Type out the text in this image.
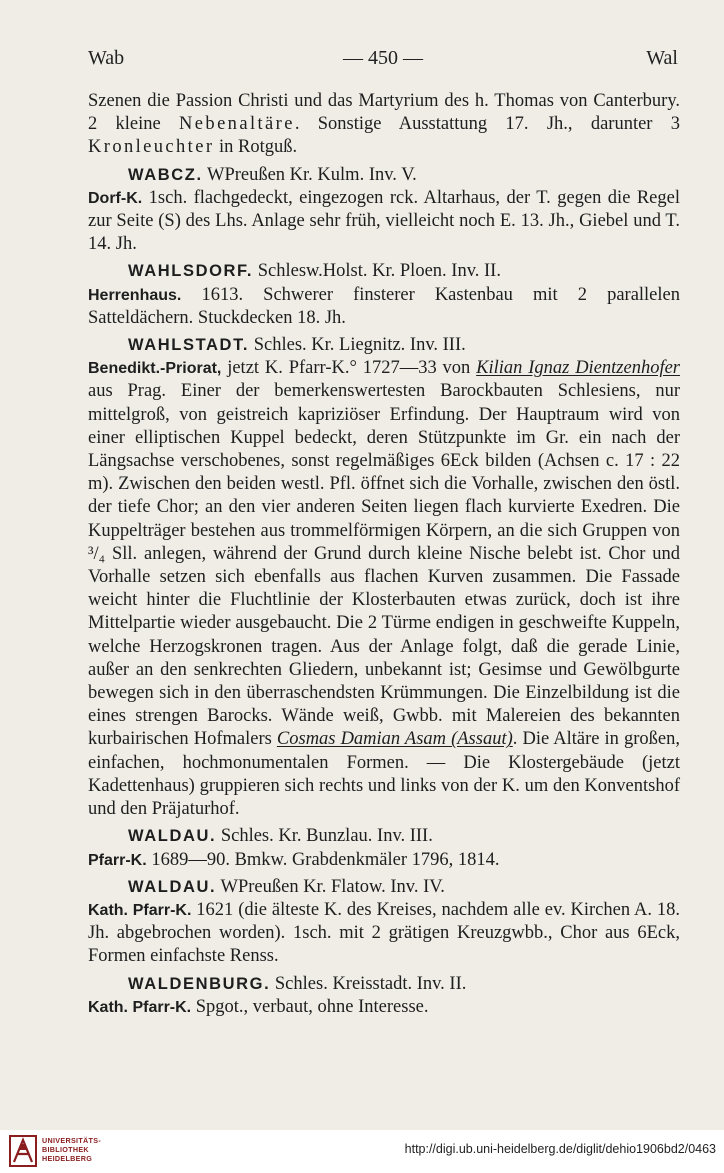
Wab	— 450 —	Wal

Szenen die Passion Christi und das Martyrium des h. Thomas von Canterbury. 2 kleine Nebenaltäre. Sonstige Ausstattung 17. Jh., darunter 3 Kronleuchter in Rotguß.

WABCZ. WPreußen Kr. Kulm. Inv. V.

Dorf-K. 1sch. flachgedeckt, eingezogen rck. Altarhaus, der T. gegen die Regel zur Seite (S) des Lhs. Anlage sehr früh, vielleicht noch E. 13. Jh., Giebel und T. 14. Jh.

WAHLSDORF. Schlesw.Holst. Kr. Ploen. Inv. II.

Herrenhaus. 1613. Schwerer finsterer Kastenbau mit 2 parallelen Satteldächern. Stuckdecken 18. Jh.

WAHLSTADT. Schles. Kr. Liegnitz. Inv. III.

Benedikt.-Priorat, jetzt K. Pfarr-K.° 1727—33 von Kilian Ignaz Dientzenhofer aus Prag. Einer der bemerkenswertesten Barockbauten Schlesiens, nur mittelgroß, von geistreich kapriziöser Erfindung. Der Hauptraum wird von einer elliptischen Kuppel bedeckt, deren Stützpunkte im Gr. ein nach der Längsachse verschobenes, sonst regelmäßiges 6Eck bilden (Achsen c. 17 : 22 m). Zwischen den beiden westl. Pfl. öffnet sich die Vorhalle, zwischen den östl. der tiefe Chor; an den vier anderen Seiten liegen flach kurvierte Exedren. Die Kuppelträger bestehen aus trommelförmigen Körpern, an die sich Gruppen von ³/₄ Sll. anlegen, während der Grund durch kleine Nische belebt ist. Chor und Vorhalle setzen sich ebenfalls aus flachen Kurven zusammen. Die Fassade weicht hinter die Fluchtlinie der Klosterbauten etwas zurück, doch ist ihre Mittelpartie wieder ausgebaucht. Die 2 Türme endigen in geschweifte Kuppeln, welche Herzogskronen tragen. Aus der Anlage folgt, daß die gerade Linie, außer an den senkrechten Gliedern, unbekannt ist; Gesimse und Gewölbgurte bewegen sich in den überraschendsten Krümmungen. Die Einzelbildung ist die eines strengen Barocks. Wände weiß, Gwbb. mit Malereien des bekannten kurbairischen Hofmalers Cosmas Damian Asam (Assaut). Die Altäre in großen, einfachen, hochmonumentalen Formen. — Die Klostergebäude (jetzt Kadettenhaus) gruppieren sich rechts und links von der K. um den Konventshof und den Präjaturhof.

WALDAU. Schles. Kr. Bunzlau. Inv. III.

Pfarr-K. 1689—90. Bmkw. Grabdenkmäler 1796, 1814.

WALDAU. WPreußen Kr. Flatow. Inv. IV.

Kath. Pfarr-K. 1621 (die älteste K. des Kreises, nachdem alle ev. Kirchen A. 18. Jh. abgebrochen worden). 1sch. mit 2 grätigen Kreuzgwbb., Chor aus 6Eck, Formen einfachste Renss.

WALDENBURG. Schles. Kreisstadt. Inv. II.

Kath. Pfarr-K. Spgot., verbaut, ohne Interesse.

UNIVERSITÄTS-
BIBLIOTHEK
HEIDELBERG
http://digi.ub.uni-heidelberg.de/diglit/dehio1906bd2/0463
